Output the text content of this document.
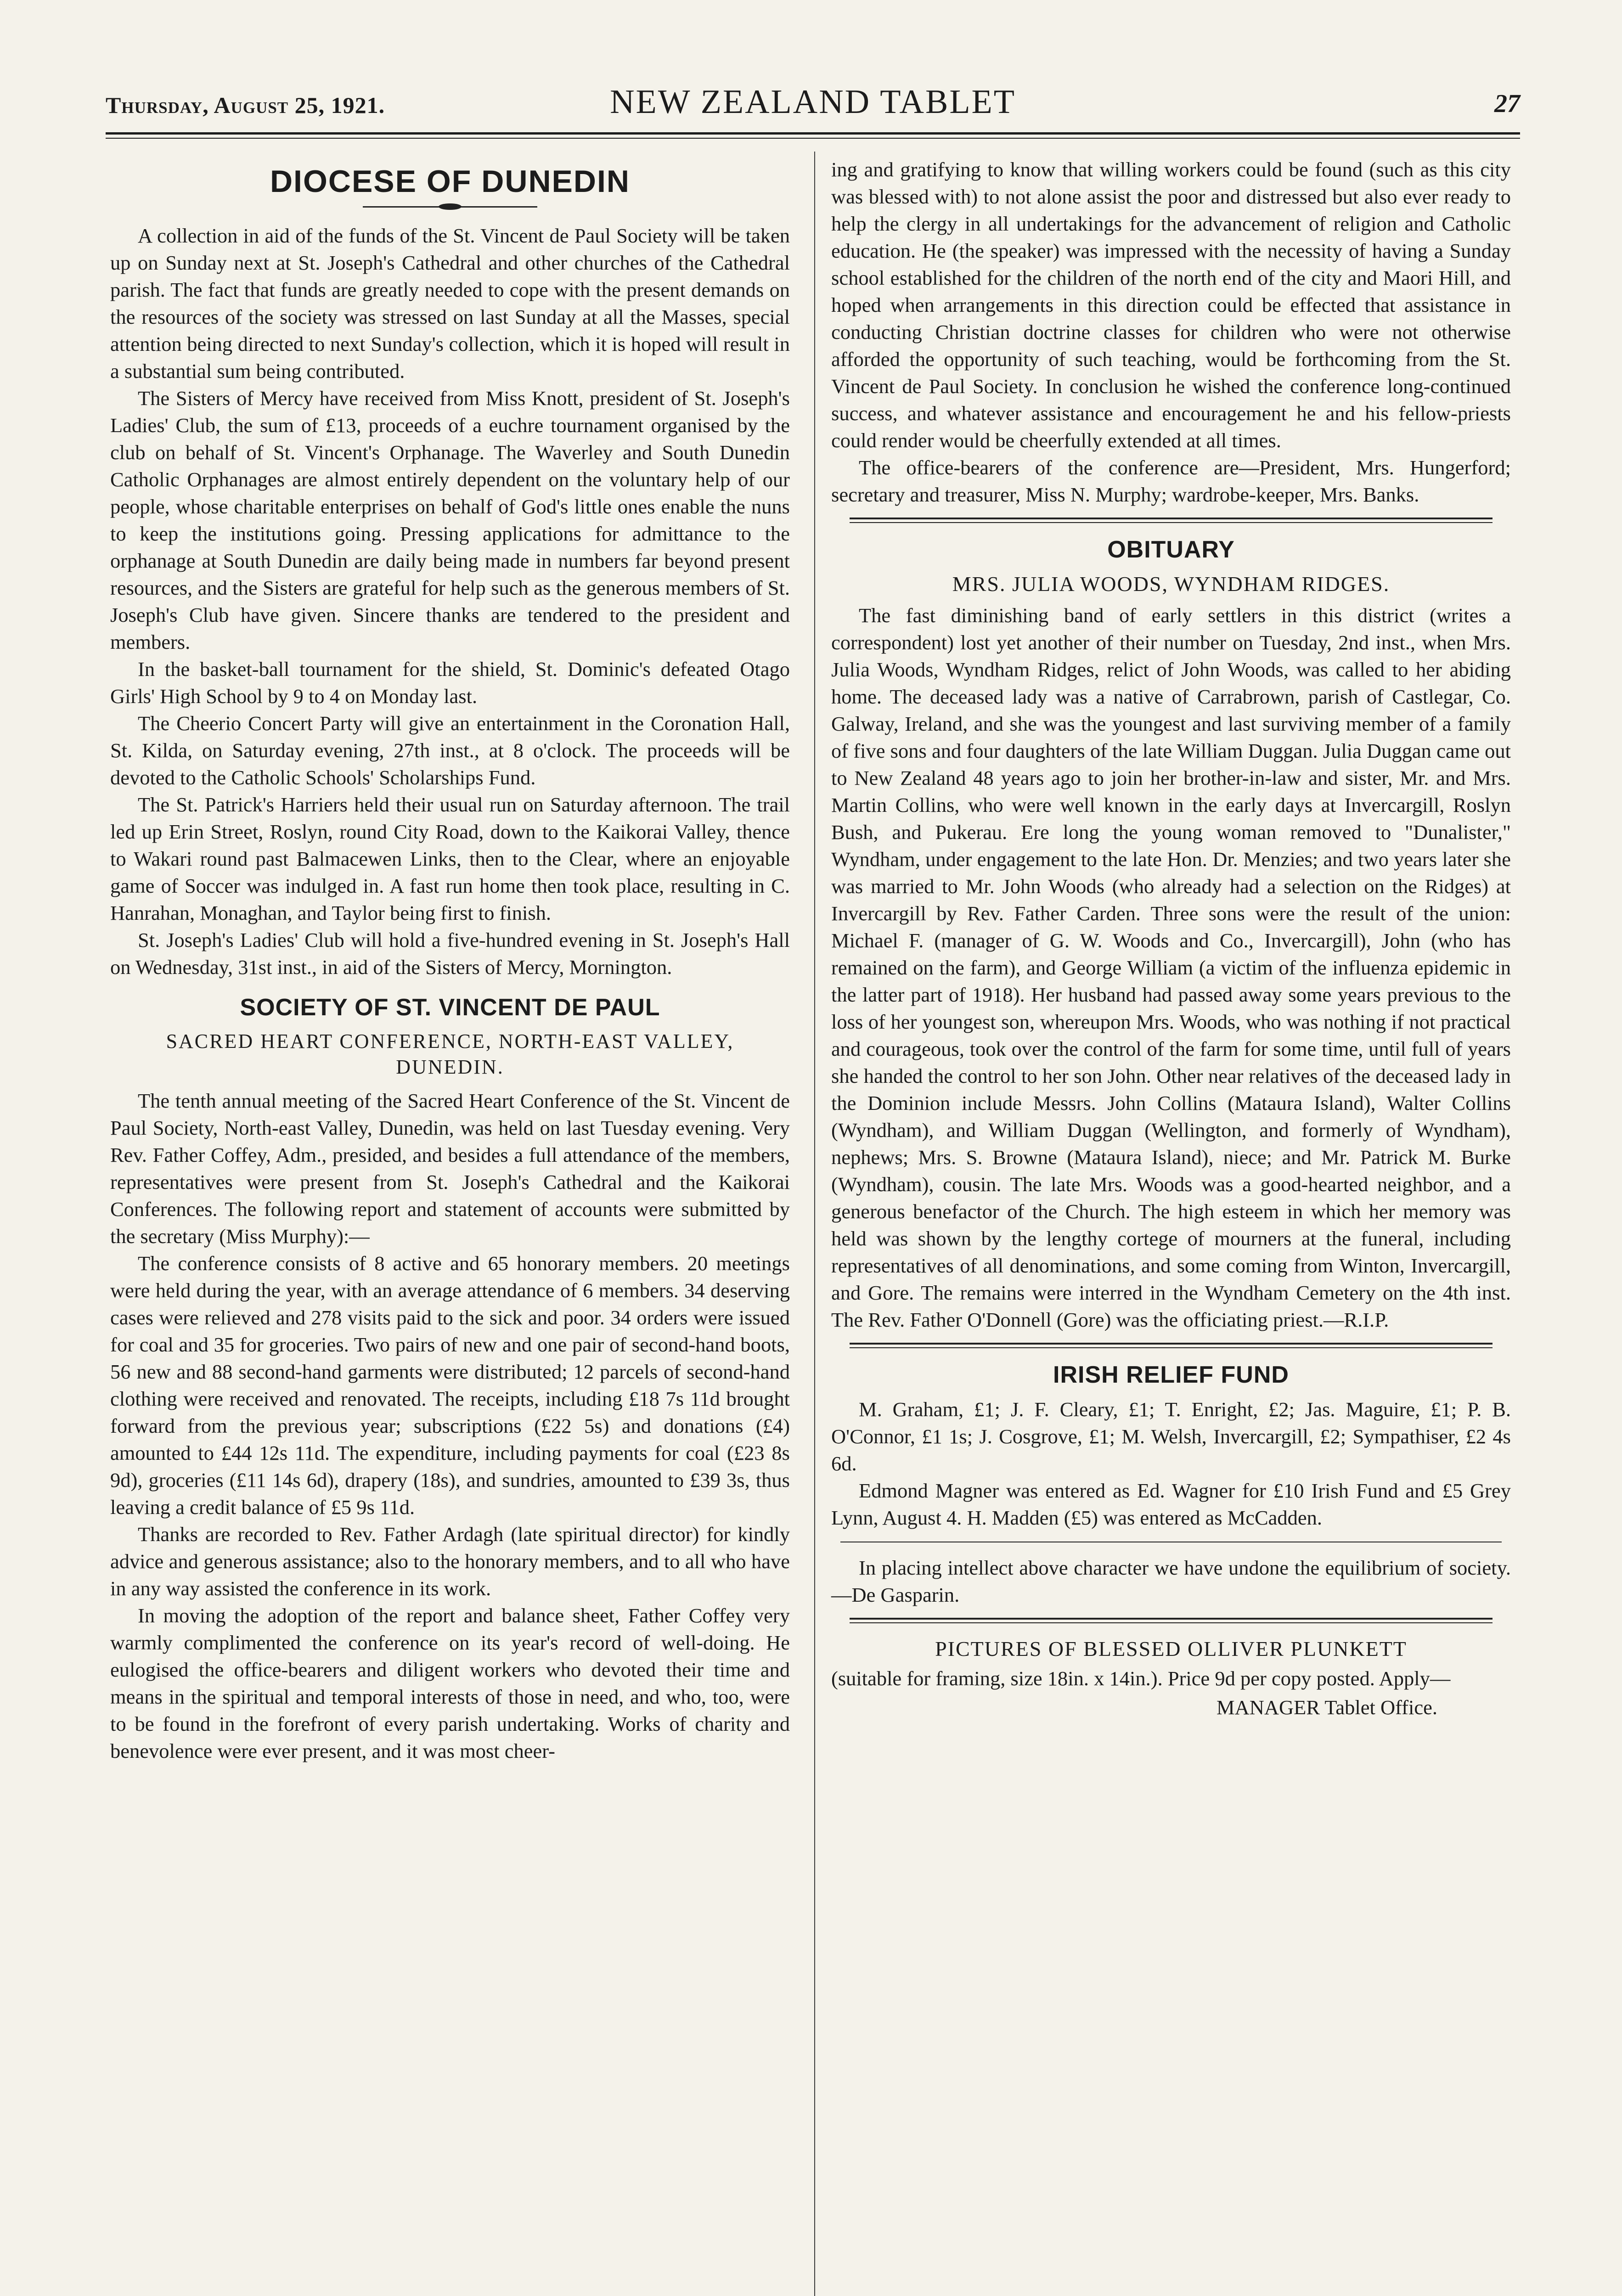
Thursday, August 25, 1921.	NEW ZEALAND TABLET	27
DIOCESE OF DUNEDIN

A collection in aid of the funds of the St. Vincent de Paul Society will be taken up on Sunday next at St. Joseph's Cathedral and other churches of the Cathedral parish. The fact that funds are greatly needed to cope with the present demands on the resources of the society was stressed on last Sunday at all the Masses, special attention being directed to next Sunday's collection, which it is hoped will result in a substantial sum being contributed.

The Sisters of Mercy have received from Miss Knott, president of St. Joseph's Ladies' Club, the sum of £13, proceeds of a euchre tournament organised by the club on behalf of St. Vincent's Orphanage. The Waverley and South Dunedin Catholic Orphanages are almost entirely dependent on the voluntary help of our people, whose charitable enterprises on behalf of God's little ones enable the nuns to keep the institutions going. Pressing applications for admittance to the orphanage at South Dunedin are daily being made in numbers far beyond present resources, and the Sisters are grateful for help such as the generous members of St. Joseph's Club have given. Sincere thanks are tendered to the president and members.

In the basket-ball tournament for the shield, St. Dominic's defeated Otago Girls' High School by 9 to 4 on Monday last.

The Cheerio Concert Party will give an entertainment in the Coronation Hall, St. Kilda, on Saturday evening, 27th inst., at 8 o'clock. The proceeds will be devoted to the Catholic Schools' Scholarships Fund.

The St. Patrick's Harriers held their usual run on Saturday afternoon. The trail led up Erin Street, Roslyn, round City Road, down to the Kaikorai Valley, thence to Wakari round past Balmacewen Links, then to the Clear, where an enjoyable game of Soccer was indulged in. A fast run home then took place, resulting in C. Hanrahan, Monaghan, and Taylor being first to finish.

St. Joseph's Ladies' Club will hold a five-hundred evening in St. Joseph's Hall on Wednesday, 31st inst., in aid of the Sisters of Mercy, Mornington.

SOCIETY OF ST. VINCENT DE PAUL
SACRED HEART CONFERENCE, NORTH-EAST VALLEY, DUNEDIN.

The tenth annual meeting of the Sacred Heart Conference of the St. Vincent de Paul Society, North-east Valley, Dunedin, was held on last Tuesday evening. Very Rev. Father Coffey, Adm., presided, and besides a full attendance of the members, representatives were present from St. Joseph's Cathedral and the Kaikorai Conferences. The following report and statement of accounts were submitted by the secretary (Miss Murphy):—

The conference consists of 8 active and 65 honorary members. 20 meetings were held during the year, with an average attendance of 6 members. 34 deserving cases were relieved and 278 visits paid to the sick and poor. 34 orders were issued for coal and 35 for groceries. Two pairs of new and one pair of second-hand boots, 56 new and 88 second-hand garments were distributed; 12 parcels of second-hand clothing were received and renovated. The receipts, including £18 7s 11d brought forward from the previous year; subscriptions (£22 5s) and donations (£4) amounted to £44 12s 11d. The expenditure, including payments for coal (£23 8s 9d), groceries (£11 14s 6d), drapery (18s), and sundries, amounted to £39 3s, thus leaving a credit balance of £5 9s 11d.

Thanks are recorded to Rev. Father Ardagh (late spiritual director) for kindly advice and generous assistance; also to the honorary members, and to all who have in any way assisted the conference in its work.

In moving the adoption of the report and balance sheet, Father Coffey very warmly complimented the conference on its year's record of well-doing. He eulogised the office-bearers and diligent workers who devoted their time and means in the spiritual and temporal interests of those in need, and who, too, were to be found in the forefront of every parish undertaking. Works of charity and benevolence were ever present, and it was most cheer-

ing and gratifying to know that willing workers could be found (such as this city was blessed with) to not alone assist the poor and distressed but also ever ready to help the clergy in all undertakings for the advancement of religion and Catholic education. He (the speaker) was impressed with the necessity of having a Sunday school established for the children of the north end of the city and Maori Hill, and hoped when arrangements in this direction could be effected that assistance in conducting Christian doctrine classes for children who were not otherwise afforded the opportunity of such teaching, would be forthcoming from the St. Vincent de Paul Society. In conclusion he wished the conference long-continued success, and whatever assistance and encouragement he and his fellow-priests could render would be cheerfully extended at all times.

The office-bearers of the conference are—President, Mrs. Hungerford; secretary and treasurer, Miss N. Murphy; wardrobe-keeper, Mrs. Banks.

OBITUARY
MRS. JULIA WOODS, WYNDHAM RIDGES.

The fast diminishing band of early settlers in this district (writes a correspondent) lost yet another of their number on Tuesday, 2nd inst., when Mrs. Julia Woods, Wyndham Ridges, relict of John Woods, was called to her abiding home. The deceased lady was a native of Carrabrown, parish of Castlegar, Co. Galway, Ireland, and she was the youngest and last surviving member of a family of five sons and four daughters of the late William Duggan. Julia Duggan came out to New Zealand 48 years ago to join her brother-in-law and sister, Mr. and Mrs. Martin Collins, who were well known in the early days at Invercargill, Roslyn Bush, and Pukerau. Ere long the young woman removed to "Dunalister," Wyndham, under engagement to the late Hon. Dr. Menzies; and two years later she was married to Mr. John Woods (who already had a selection on the Ridges) at Invercargill by Rev. Father Carden. Three sons were the result of the union: Michael F. (manager of G. W. Woods and Co., Invercargill), John (who has remained on the farm), and George William (a victim of the influenza epidemic in the latter part of 1918). Her husband had passed away some years previous to the loss of her youngest son, whereupon Mrs. Woods, who was nothing if not practical and courageous, took over the control of the farm for some time, until full of years she handed the control to her son John. Other near relatives of the deceased lady in the Dominion include Messrs. John Collins (Mataura Island), Walter Collins (Wyndham), and William Duggan (Wellington, and formerly of Wyndham), nephews; Mrs. S. Browne (Mataura Island), niece; and Mr. Patrick M. Burke (Wyndham), cousin. The late Mrs. Woods was a good-hearted neighbor, and a generous benefactor of the Church. The high esteem in which her memory was held was shown by the lengthy cortege of mourners at the funeral, including representatives of all denominations, and some coming from Winton, Invercargill, and Gore. The remains were interred in the Wyndham Cemetery on the 4th inst. The Rev. Father O'Donnell (Gore) was the officiating priest.—R.I.P.

IRISH RELIEF FUND

M. Graham, £1; J. F. Cleary, £1; T. Enright, £2; Jas. Maguire, £1; P. B. O'Connor, £1 1s; J. Cosgrove, £1; M. Welsh, Invercargill, £2; Sympathiser, £2 4s 6d.

Edmond Magner was entered as Ed. Wagner for £10 Irish Fund and £5 Grey Lynn, August 4. H. Madden (£5) was entered as McCadden.

In placing intellect above character we have undone the equilibrium of society.—De Gasparin.

PICTURES OF BLESSED OLLIVER PLUNKETT

(suitable for framing, size 18in. x 14in.). Price 9d per copy posted. Apply—

MANAGER Tablet Office.
